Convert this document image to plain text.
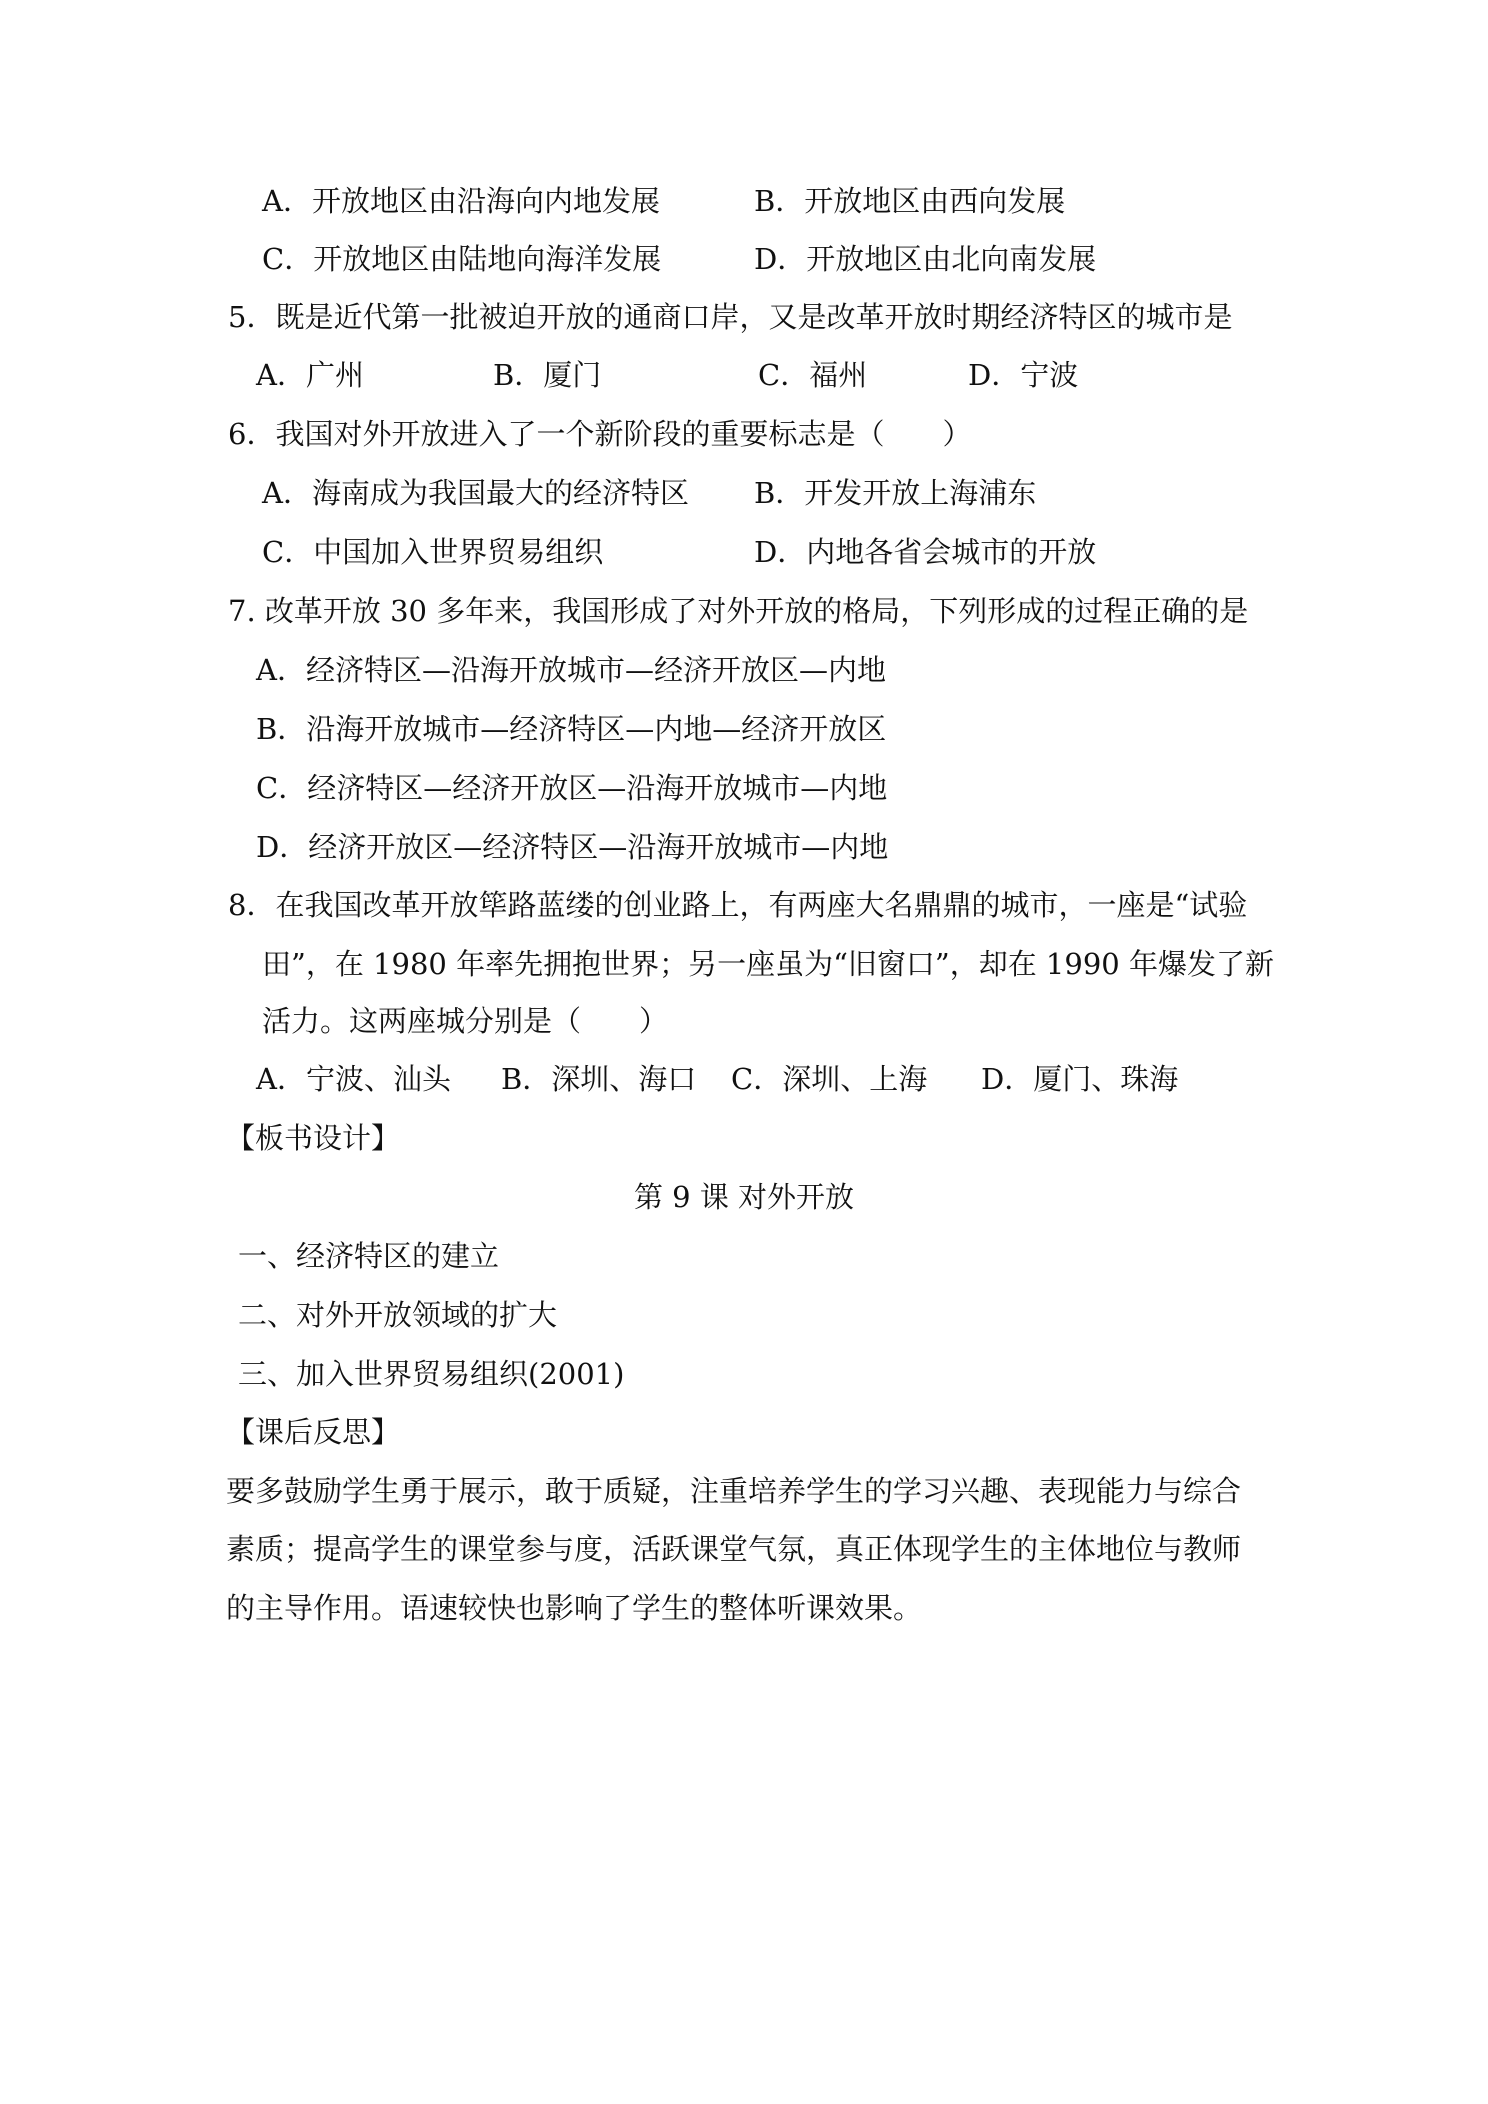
A．开放地区由沿海向内地发展	B．开放地区由西向发展
C．开放地区由陆地向海洋发展	D．开放地区由北向南发展
5．既是近代第一批被迫开放的通商口岸，又是改革开放时期经济特区的城市是
A．广州	B．厦门	C．福州	D．宁波
6．我国对外开放进入了一个新阶段的重要标志是（　　）
A．海南成为我国最大的经济特区 B．开发开放上海浦东
C．中国加入世界贸易组织	D．内地各省会城市的开放
7. 改革开放 30 多年来，我国形成了对外开放的格局，下列形成的过程正确的是
A．经济特区—沿海开放城市—经济开放区—内地
B．沿海开放城市—经济特区—内地—经济开放区
C．经济特区—经济开放区—沿海开放城市—内地
D．经济开放区—经济特区—沿海开放城市—内地
8．在我国改革开放筚路蓝缕的创业路上，有两座大名鼎鼎的城市，一座是“试验
田”，在 1980 年率先拥抱世界；另一座虽为“旧窗口”，却在 1990 年爆发了新
活力。这两座城分别是（　　）
A．宁波、汕头 B．深圳、海口 C．深圳、上海 D．厦门、珠海
【板书设计】
第 9 课 对外开放
一、经济特区的建立
二、对外开放领域的扩大
三、加入世界贸易组织(2001)
【课后反思】
要多鼓励学生勇于展示，敢于质疑，注重培养学生的学习兴趣、表现能力与综合
素质；提高学生的课堂参与度，活跃课堂气氛，真正体现学生的主体地位与教师
的主导作用。语速较快也影响了学生的整体听课效果。
